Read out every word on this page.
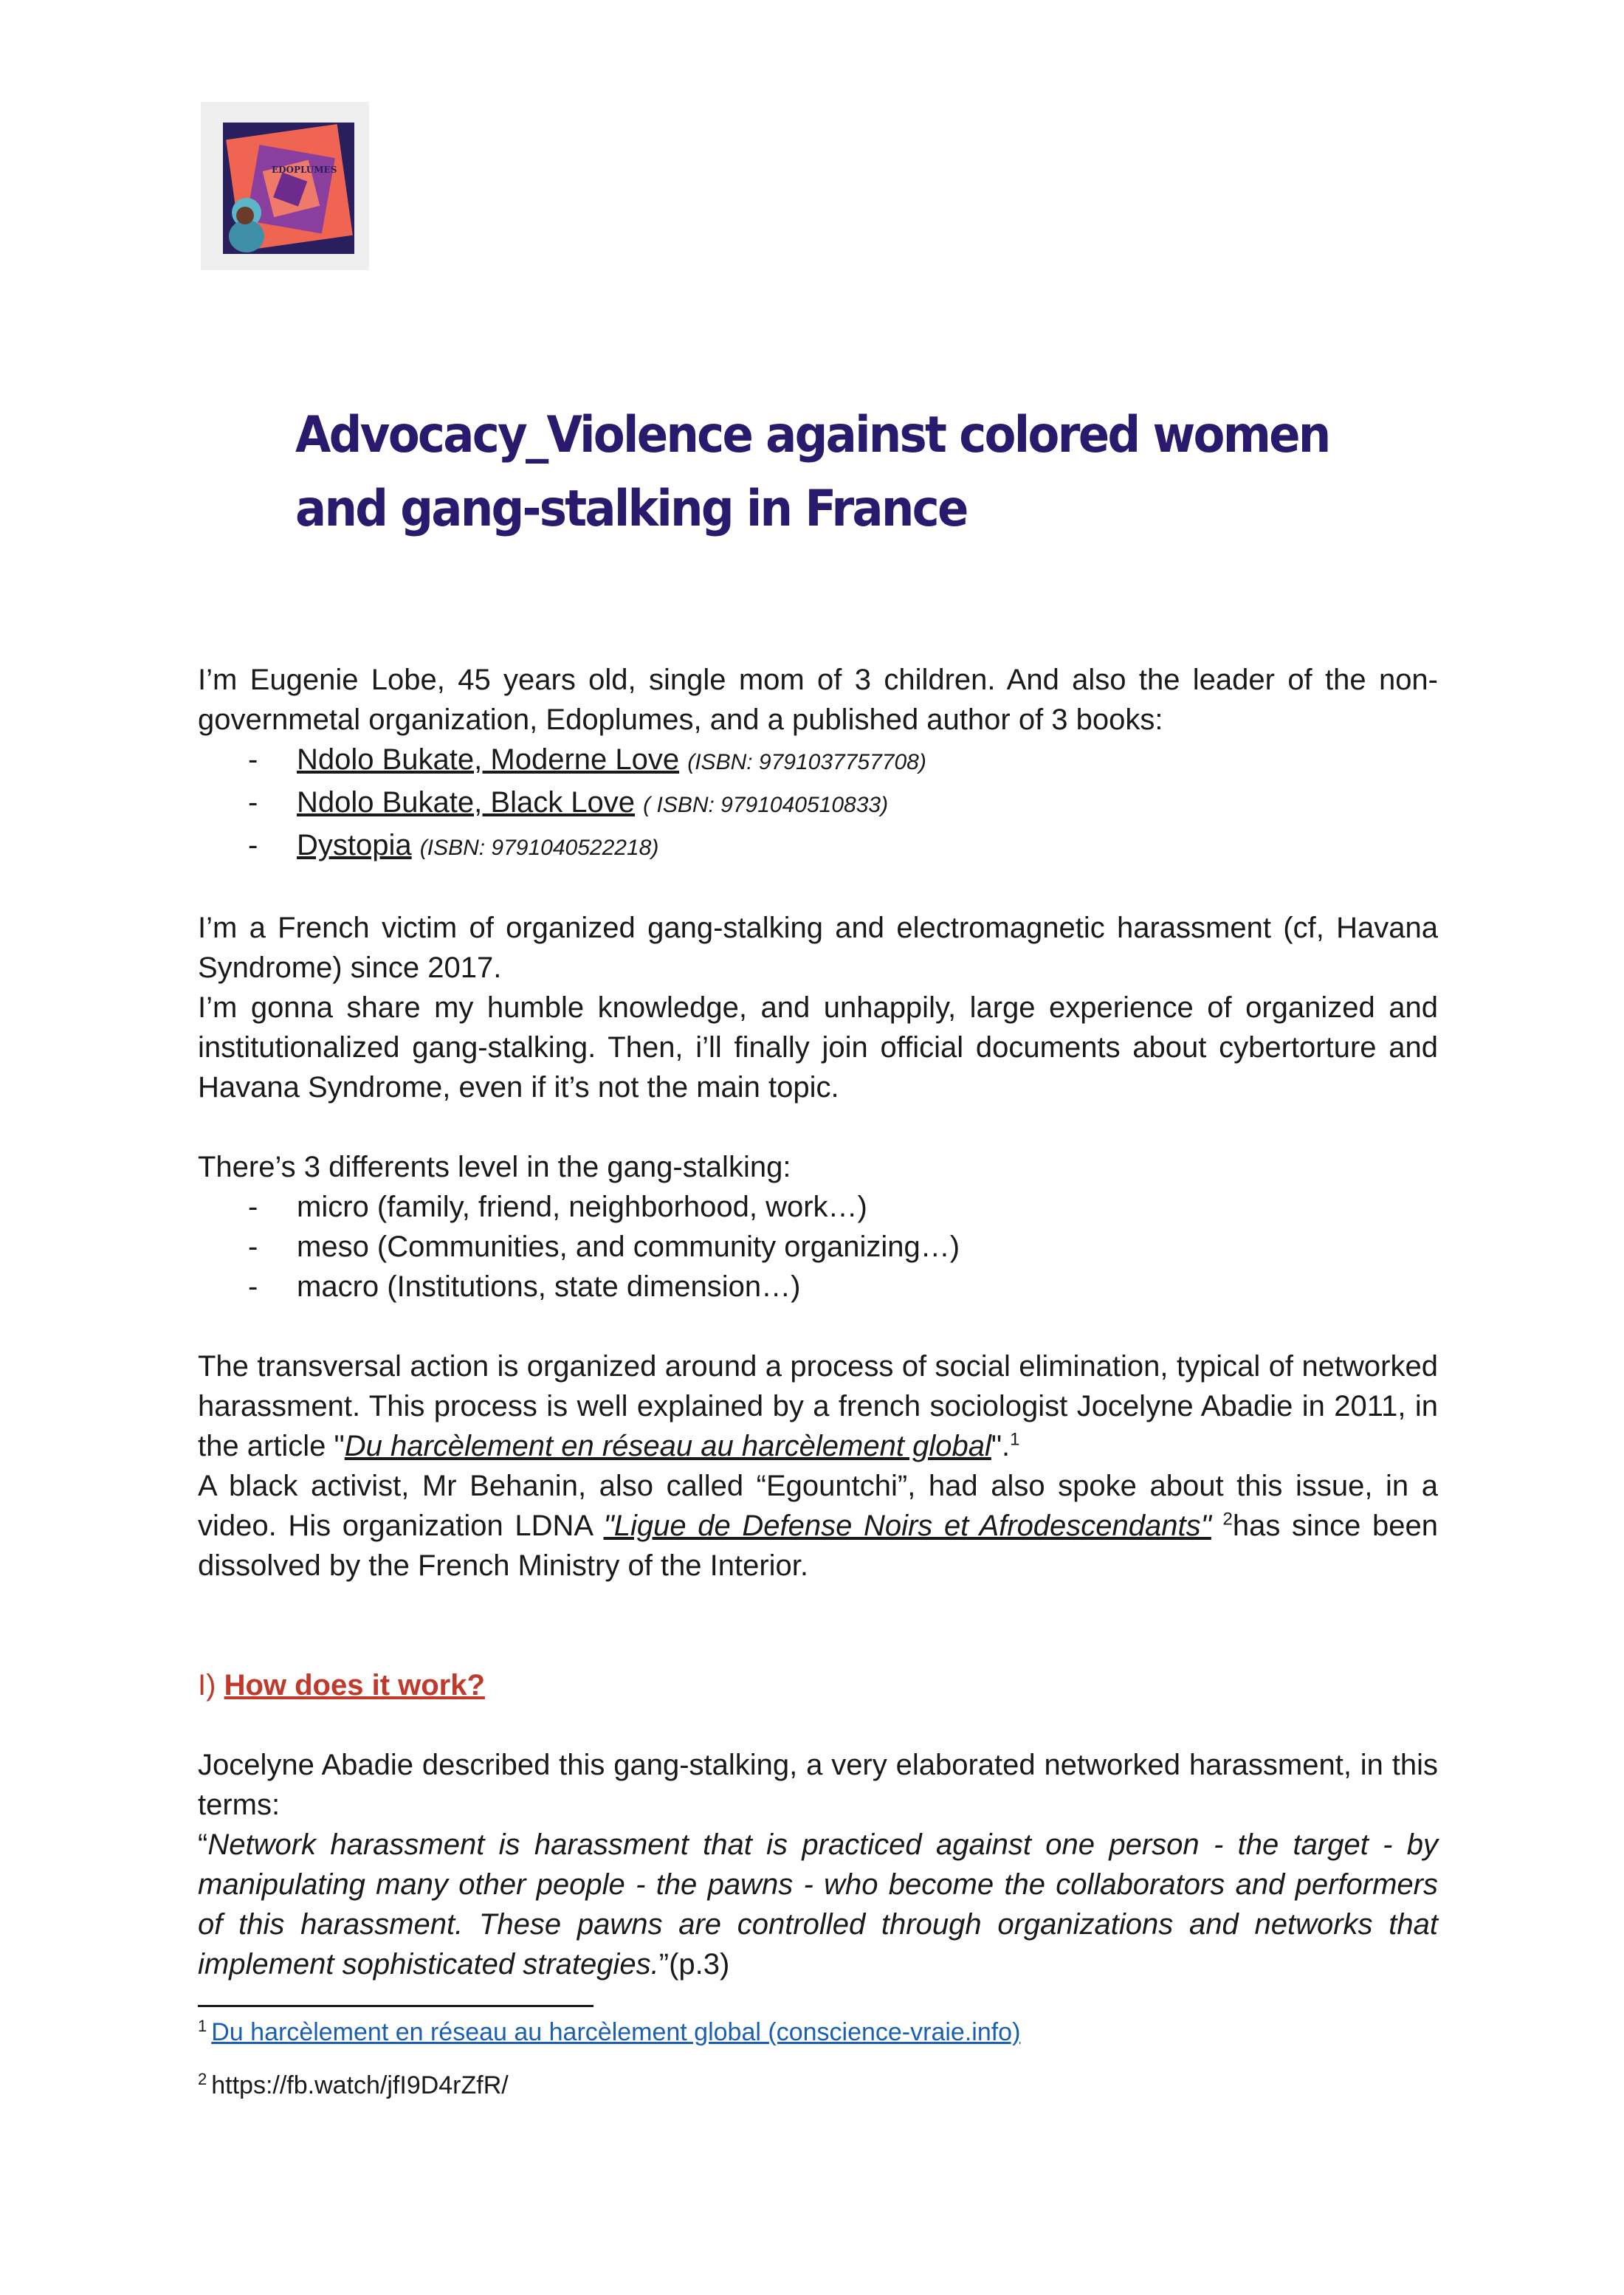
EDOPLUMES
Advocacy_Violence against colored women and gang-stalking in France

I’m Eugenie Lobe, 45 years old, single mom of 3 children. And also the leader of the non-governmetal organization, Edoplumes, and a published author of 3 books:

- Ndolo Bukate, Moderne Love (ISBN: 9791037757708)
- Ndolo Bukate, Black Love ( ISBN: 9791040510833)
- Dystopia (ISBN: 9791040522218)

I’m a French victim of organized gang-stalking and electromagnetic harassment (cf, Havana Syndrome) since 2017.

I’m gonna share my humble knowledge, and unhappily, large experience of organized and institutionalized gang-stalking. Then, i’ll finally join official documents about cybertorture and Havana Syndrome, even if it’s not the main topic.

There’s 3 differents level in the gang-stalking:

- micro (family, friend, neighborhood, work…)
- meso (Communities, and community organizing…)
- macro (Institutions, state dimension…)

The transversal action is organized around a process of social elimination, typical of networked harassment. This process is well explained by a french sociologist Jocelyne Abadie in 2011, in the article "Du harcèlement en réseau au harcèlement global".$^1$

A black activist, Mr Behanin, also called “Egountchi”, had also spoke about this issue, in a video. His organization LDNA "Ligue de Defense Noirs et Afrodescendants" $^2$has since been dissolved by the French Ministry of the Interior.

I) How does it work?

Jocelyne Abadie described this gang-stalking, a very elaborated networked harassment, in this terms:

“Network harassment is harassment that is practiced against one person - the target - by manipulating many other people - the pawns - who become the collaborators and performers of this harassment. These pawns are controlled through organizations and networks that implement sophisticated strategies.”(p.3)

$^1$ Du harcèlement en réseau au harcèlement global (conscience-vraie.info)

$^2$ https://fb.watch/jfI9D4rZfR/
